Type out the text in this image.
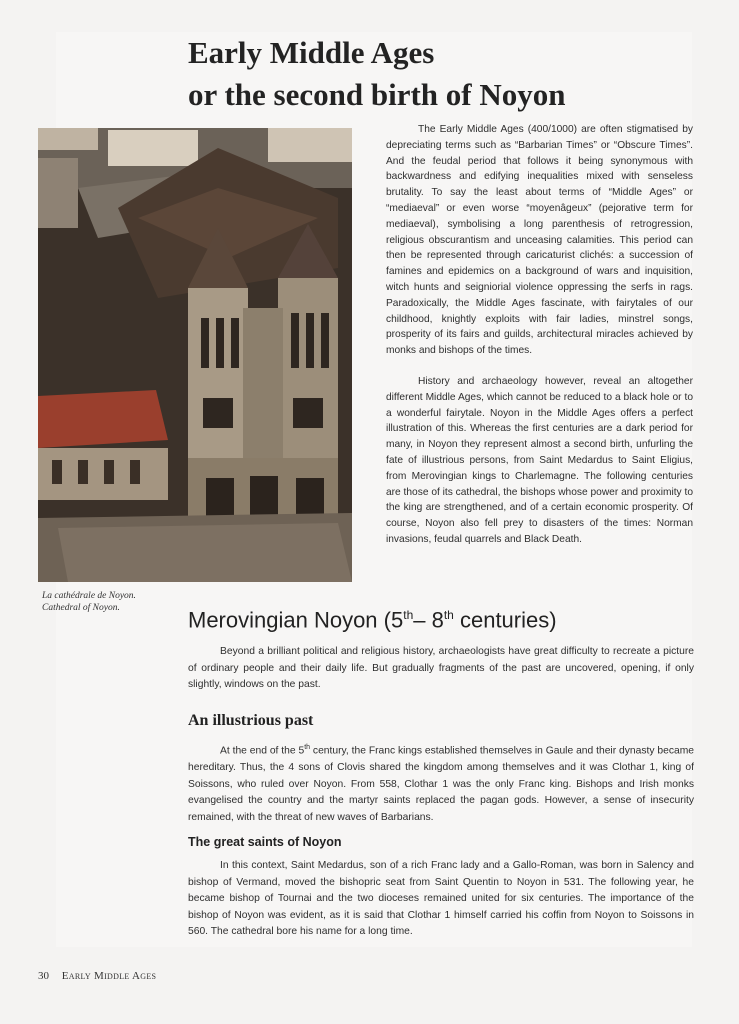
Early Middle Ages
or the second birth of Noyon
La cathédrale de Noyon.
Cathedral of Noyon.

The Early Middle Ages (400/1000) are often stigmatised by depreciating terms such as “Barbarian Times” or “Obscure Times”. And the feudal period that follows it being synonymous with backwardness and edifying inequalities mixed with senseless brutality. To say the least about terms of “Middle Ages” or “mediaeval” or even worse “moyenâgeux” (pejorative term for mediaeval), symbolising a long parenthesis of retrogression, religious obscurantism and unceasing calamities. This period can then be represented through caricaturist clichés: a succession of famines and epidemics on a background of wars and inquisition, witch hunts and seigniorial violence oppressing the serfs in rags. Paradoxically, the Middle Ages fascinate, with fairytales of our childhood, knightly exploits with fair ladies, minstrel songs, prosperity of its fairs and guilds, architectural miracles achieved by monks and bishops of the times.

History and archaeology however, reveal an altogether different Middle Ages, which cannot be reduced to a black hole or to a wonderful fairytale. Noyon in the Middle Ages offers a perfect illustration of this. Whereas the first centuries are a dark period for many, in Noyon they represent almost a second birth, unfurling the fate of illustrious persons, from Saint Medardus to Saint Eligius, from Merovingian kings to Charlemagne. The following centuries are those of its cathedral, the bishops whose power and proximity to the king are strengthened, and of a certain economic prosperity. Of course, Noyon also fell prey to disasters of the times: Norman invasions, feudal quarrels and Black Death.

Merovingian Noyon (5th– 8th centuries)

Beyond a brilliant political and religious history, archaeologists have great difficulty to recreate a picture of ordinary people and their daily life. But gradually fragments of the past are uncovered, opening, if only slightly, windows on the past.

An illustrious past

At the end of the 5th century, the Franc kings established themselves in Gaule and their dynasty became hereditary. Thus, the 4 sons of Clovis shared the kingdom among themselves and it was Clothar 1, king of Soissons, who ruled over Noyon. From 558, Clothar 1 was the only Franc king. Bishops and Irish monks evangelised the country and the martyr saints replaced the pagan gods. However, a sense of insecurity remained, with the threat of new waves of Barbarians.

The great saints of Noyon

In this context, Saint Medardus, son of a rich Franc lady and a Gallo-Roman, was born in Salency and bishop of Vermand, moved the bishopric seat from Saint Quentin to Noyon in 531. The following year, he became bishop of Tournai and the two dioceses remained united for six centuries. The importance of the bishop of Noyon was evident, as it is said that Clothar 1 himself carried his coffin from Noyon to Soissons in 560. The cathedral bore his name for a long time.

30 Early Middle Ages
